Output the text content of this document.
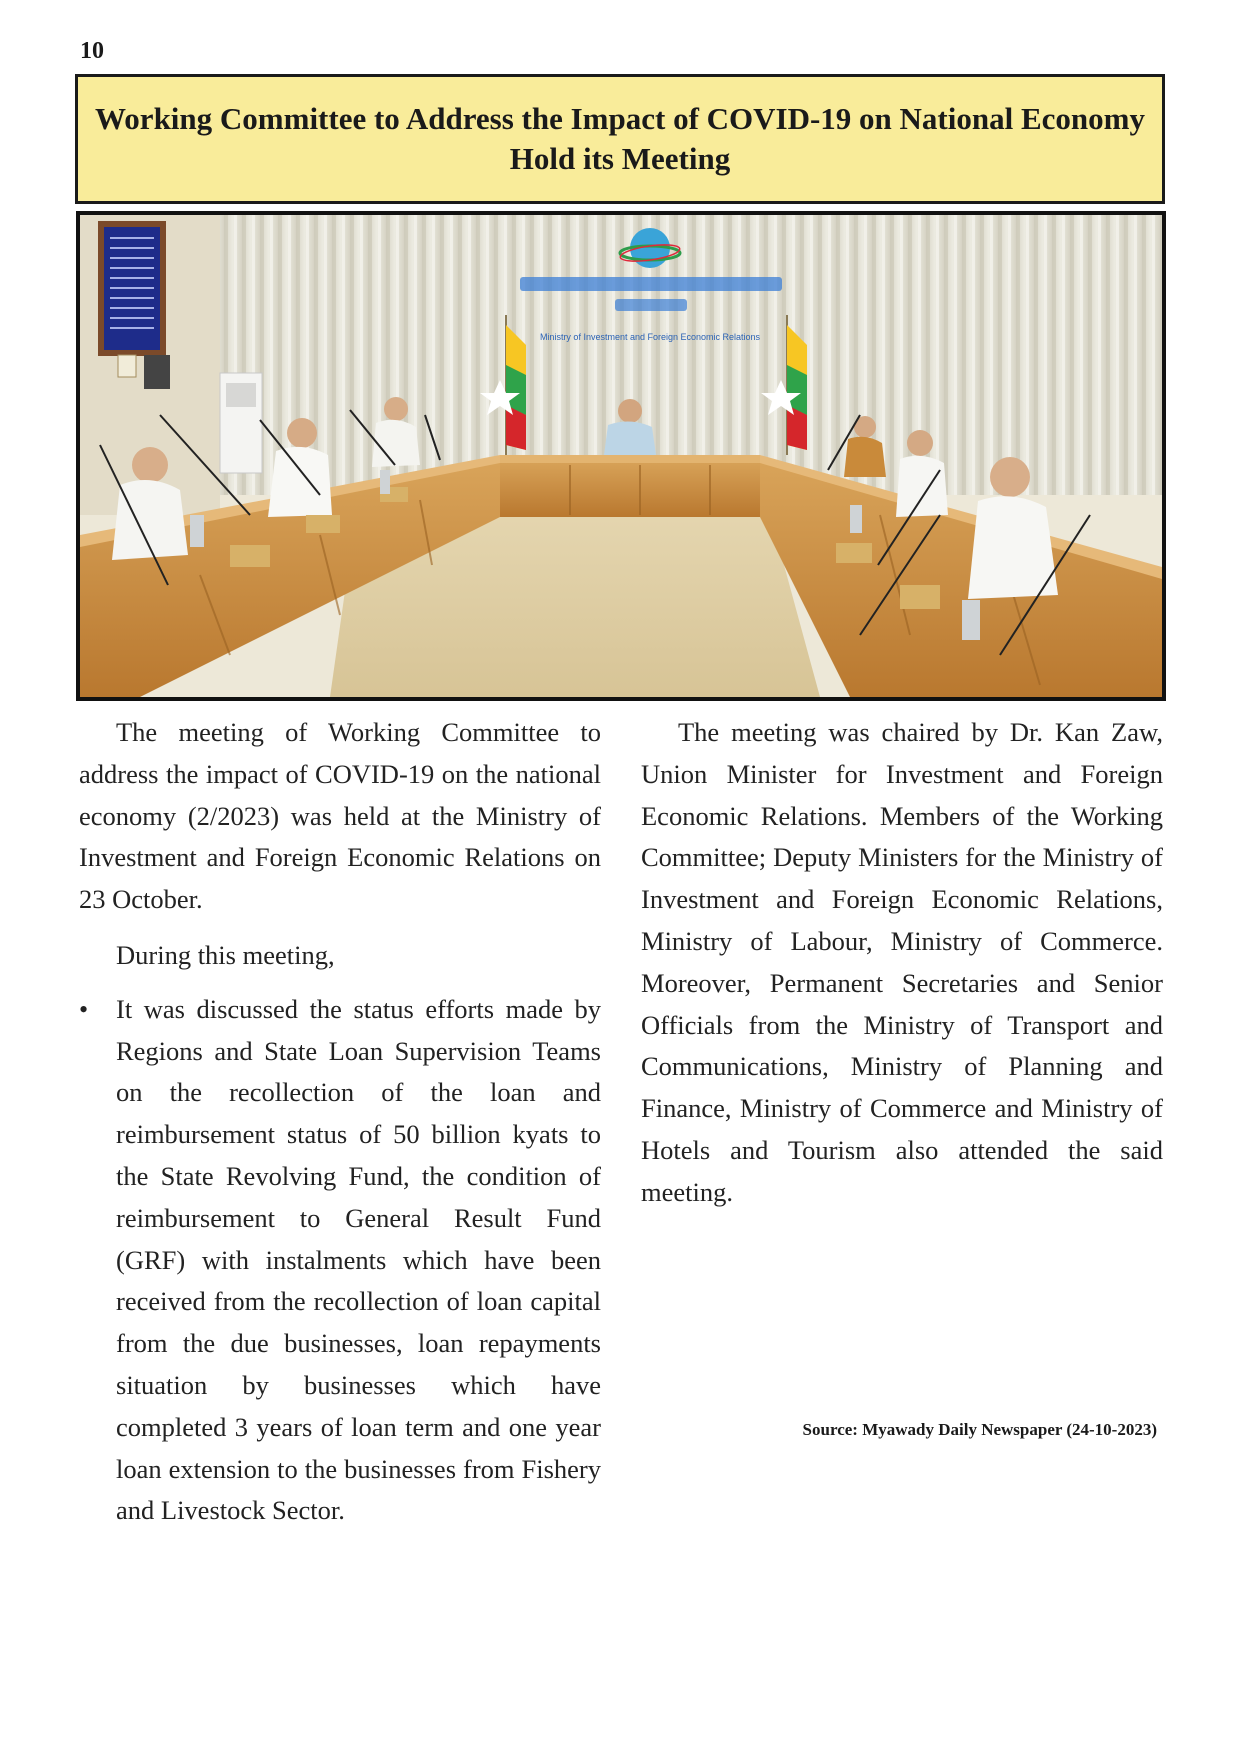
10
Working Committee to Address the Impact of COVID-19 on National Economy Hold its Meeting
Ministry of Investment and Foreign Economic Relations

The meeting of Working Committee to address the impact of COVID-19 on the national economy (2/2023) was held at the Ministry of Investment and Foreign Economic Relations on 23 October.

During this meeting,

• It was discussed the status efforts made by Regions and State Loan Supervision Teams on the recollection of the loan and reimbursement status of 50 billion kyats to the State Revolving Fund, the condition of reimbursement to General Result Fund (GRF) with instalments which have been received from the recollection of loan capital from the due businesses, loan repayments situation by businesses which have completed 3 years of loan term and one year loan extension to the businesses from Fishery and Livestock Sector.

The meeting was chaired by Dr. Kan Zaw, Union Minister for Investment and Foreign Economic Relations. Members of the Working Committee; Deputy Ministers for the Ministry of Investment and Foreign Economic Relations, Ministry of Labour, Ministry of Commerce. Moreover, Permanent Secretaries and Senior Officials from the Ministry of Transport and Communications, Ministry of Planning and Finance, Ministry of Commerce and Ministry of Hotels and Tourism also attended the said meeting.

Source: Myawady Daily Newspaper (24-10-2023)
